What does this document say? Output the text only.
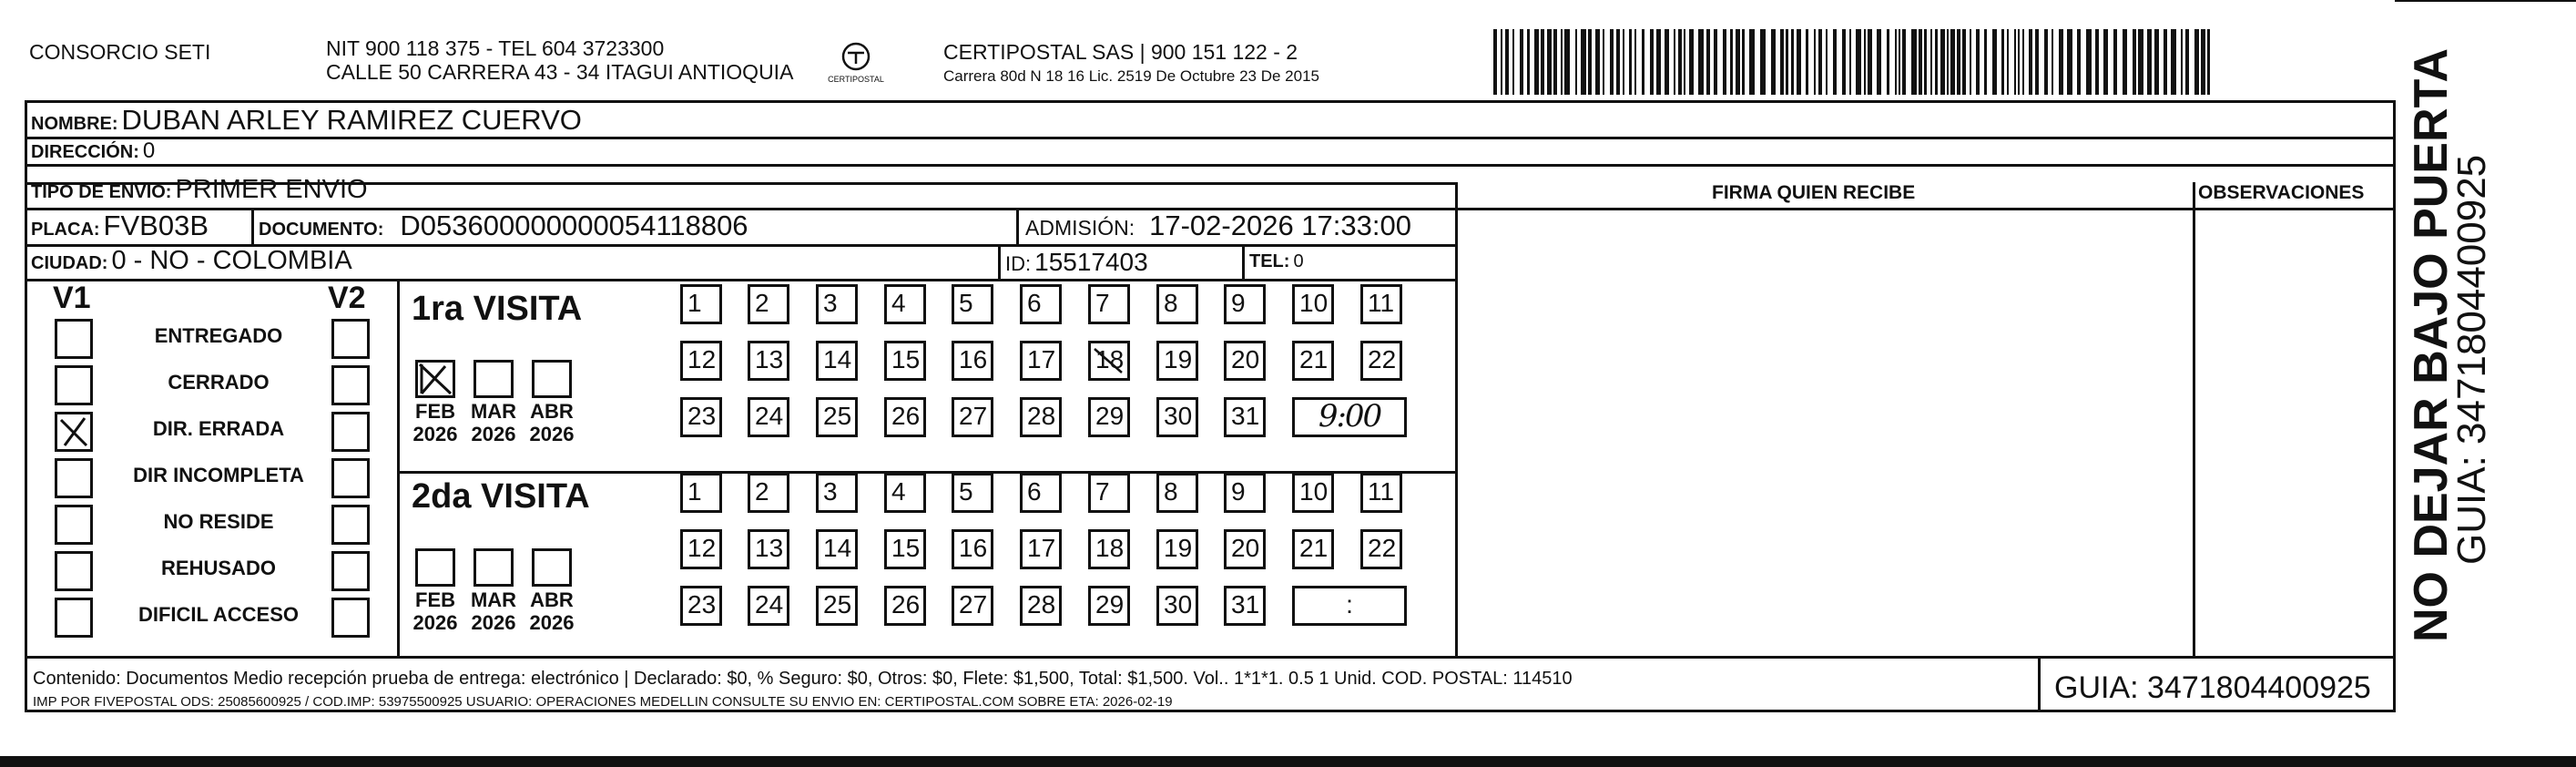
CONSORCIO SETI	NIT 900 118 375 - TEL 604 3723300
CALLE 50 CARRERA 43 - 34 ITAGUI ANTIOQUIA	CERTIPOSTAL
CERTIPOSTAL SAS | 900 151 122 - 2
Carrera 80d N 18 16 Lic. 2519 De Octubre 23 De 2015
NOMBRE: DUBAN ARLEY RAMIREZ CUERVO
DIRECCIÓN: 0
TIPO DE ENVIO: PRIMER ENVIO
PLACA: FVB03B	DOCUMENTO: D053600000000054118806	ADMISIÓN: 17-02-2026 17:33:00
CIUDAD: 0 - NO - COLOMBIA	ID: 15517403	TEL: 0
FIRMA QUIEN RECIBE	OBSERVACIONES
V1	V2
ENTREGADO
CERRADO
DIR. ERRADA
DIR INCOMPLETA
NO RESIDE
REHUSADO
DIFICIL ACCESO
1ra VISITA
2da VISITA
FEB
2026
MAR
2026
ABR
2026
FEB
2026
MAR
2026
ABR
2026
1	2	3	4	5	6	7	8	9	10 11
12 13 14 15 16 17 18 19 20 21 22
23 24 25 26 27 28 29 30 31	9:00
1	2	3	4	5	6	7	8	9	10 11
12 13 14 15 16 17 18 19 20 21 22
23 24 25 26 27 28 29 30 31	:
Contenido: Documentos Medio recepción prueba de entrega: electrónico | Declarado: $0, % Seguro: $0, Otros: $0, Flete: $1,500, Total: $1,500. Vol.. 1*1*1. 0.5 1 Unid. COD. POSTAL: 114510
IMP POR FIVEPOSTAL ODS: 25085600925 / COD.IMP: 53975500925 USUARIO: OPERACIONES MEDELLIN CONSULTE SU ENVIO EN: CERTIPOSTAL.COM SOBRE ETA: 2026-02-19	GUIA: 3471804400925
NO DEJAR BAJO PUERTA
GUIA: 3471804400925
